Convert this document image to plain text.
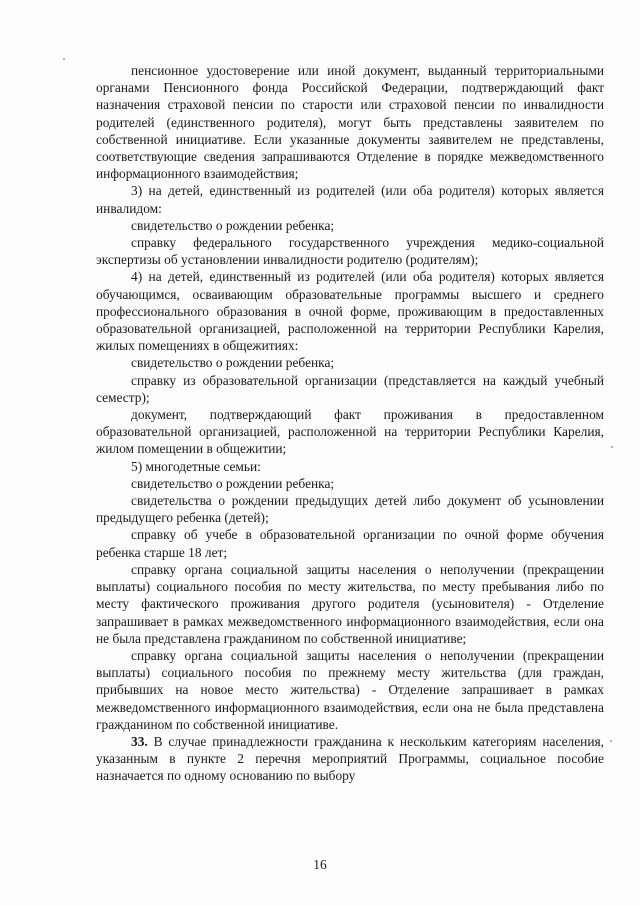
пенсионное удостоверение или иной документ, выданный территориальными органами Пенсионного фонда Российской Федерации, подтверждающий факт назначения страховой пенсии по старости или страховой пенсии по инвалидности родителей (единственного родителя), могут быть представлены заявителем по собственной инициативе. Если указанные документы заявителем не представлены, соответствующие сведения запрашиваются Отделение в порядке межведомственного информационного взаимодействия;

3) на детей, единственный из родителей (или оба родителя) которых является инвалидом:

свидетельство о рождении ребенка;

справку федерального государственного учреждения медико-социальной экспертизы об установлении инвалидности родителю (родителям);

4) на детей, единственный из родителей (или оба родителя) которых является обучающимся, осваивающим образовательные программы высшего и среднего профессионального образования в очной форме, проживающим в предоставленных образовательной организацией, расположенной на территории Республики Карелия, жилых помещениях в общежитиях:

свидетельство о рождении ребенка;

справку из образовательной организации (представляется на каждый учебный семестр);

документ, подтверждающий факт проживания в предоставленном образовательной организацией, расположенной на территории Республики Карелия, жилом помещении в общежитии;

5) многодетные семьи:

свидетельство о рождении ребенка;

свидетельства о рождении предыдущих детей либо документ об усыновлении предыдущего ребенка (детей);

справку об учебе в образовательной организации по очной форме обучения ребенка старше 18 лет;

справку органа социальной защиты населения о неполучении (прекращении выплаты) социального пособия по месту жительства, по месту пребывания либо по месту фактического проживания другого родителя (усыновителя) - Отделение запрашивает в рамках межведомственного информационного взаимодействия, если она не была представлена гражданином по собственной инициативе;

справку органа социальной защиты населения о неполучении (прекращении выплаты) социального пособия по прежнему месту жительства (для граждан, прибывших на новое место жительства) - Отделение запрашивает в рамках межведомственного информационного взаимодействия, если она не была представлена гражданином по собственной инициативе.

33. В случае принадлежности гражданина к нескольким категориям населения, указанным в пункте 2 перечня мероприятий Программы, социальное пособие назначается по одному основанию по выбору

16
